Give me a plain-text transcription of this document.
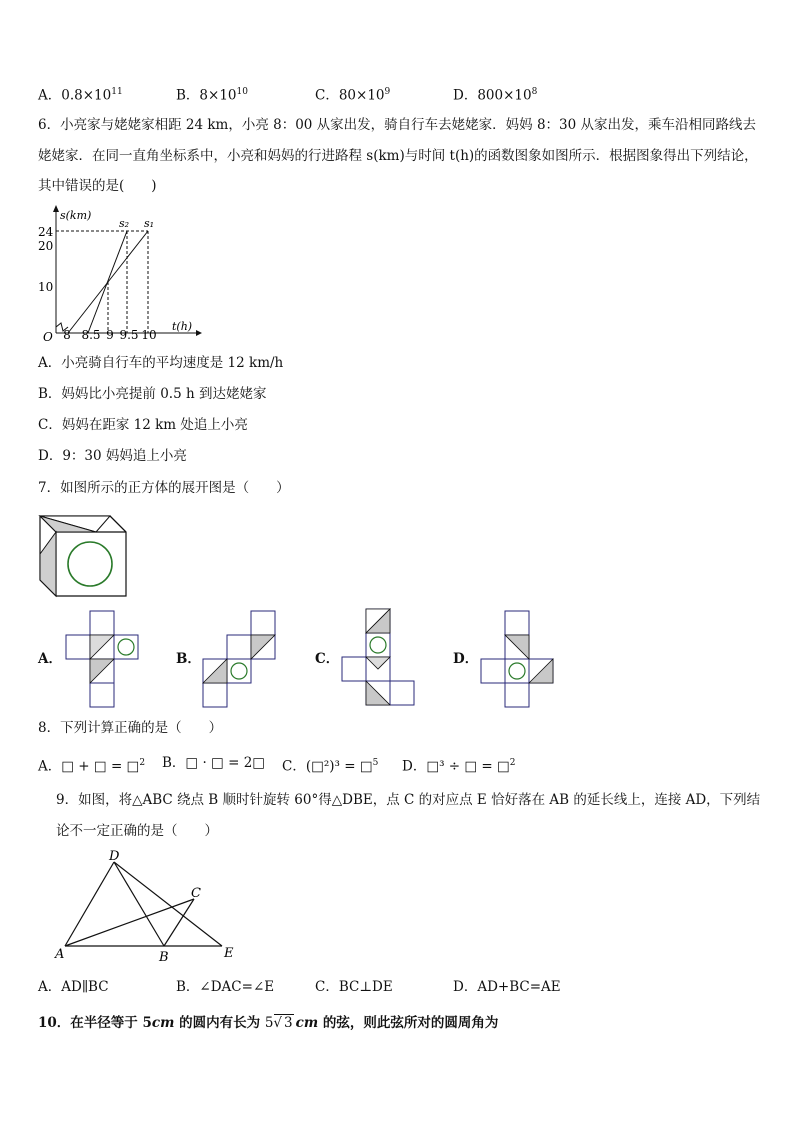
A．$0.8\times 10^{11}$	B．$8\times 10^{10}$	C．$80\times 10^9$	D．$800\times 10^8$
6．小亮家与姥姥家相距 24 km，小亮 8：00 从家出发，骑自行车去姥姥家．妈妈 8：30 从家出发，乘车沿相同路线去
姥姥家．在同一直角坐标系中，小亮和妈妈的行进路程 s(km)与时间 t(h)的函数图象如图所示．根据图象得出下列结论，
其中错误的是(　　)
s(km)
t(h)
O
24
20
10
8 8.5 9 9.5 10
s₂ s₁
A．小亮骑自行车的平均速度是 12 km/h
B．妈妈比小亮提前 0.5 h 到达姥姥家
C．妈妈在距家 12 km 处追上小亮
D．9：30 妈妈追上小亮
7．如图所示的正方体的展开图是（　　）
A．	B．	C．	D．
8．下列计算正确的是（　　）
A．□ + □ = □$^2$ B．□ · □ = 2□ C．(□²)³ = □$^5$ D．□³ ÷ □ = □$^2$
9．如图，将△ABC 绕点 B 顺时针旋转 60°得△DBE，点 C 的对应点 E 恰好落在 AB 的延长线上，连接 AD，下列结
论不一定正确的是（　　）
D
C
A	B	E
A．AD∥BC	B．∠DAC=∠E	C．BC⊥DE	D．AD+BC=AE
10．在半径等于 5cm 的圆内有长为 5√ 3 cm 的弦，则此弦所对的圆周角为
